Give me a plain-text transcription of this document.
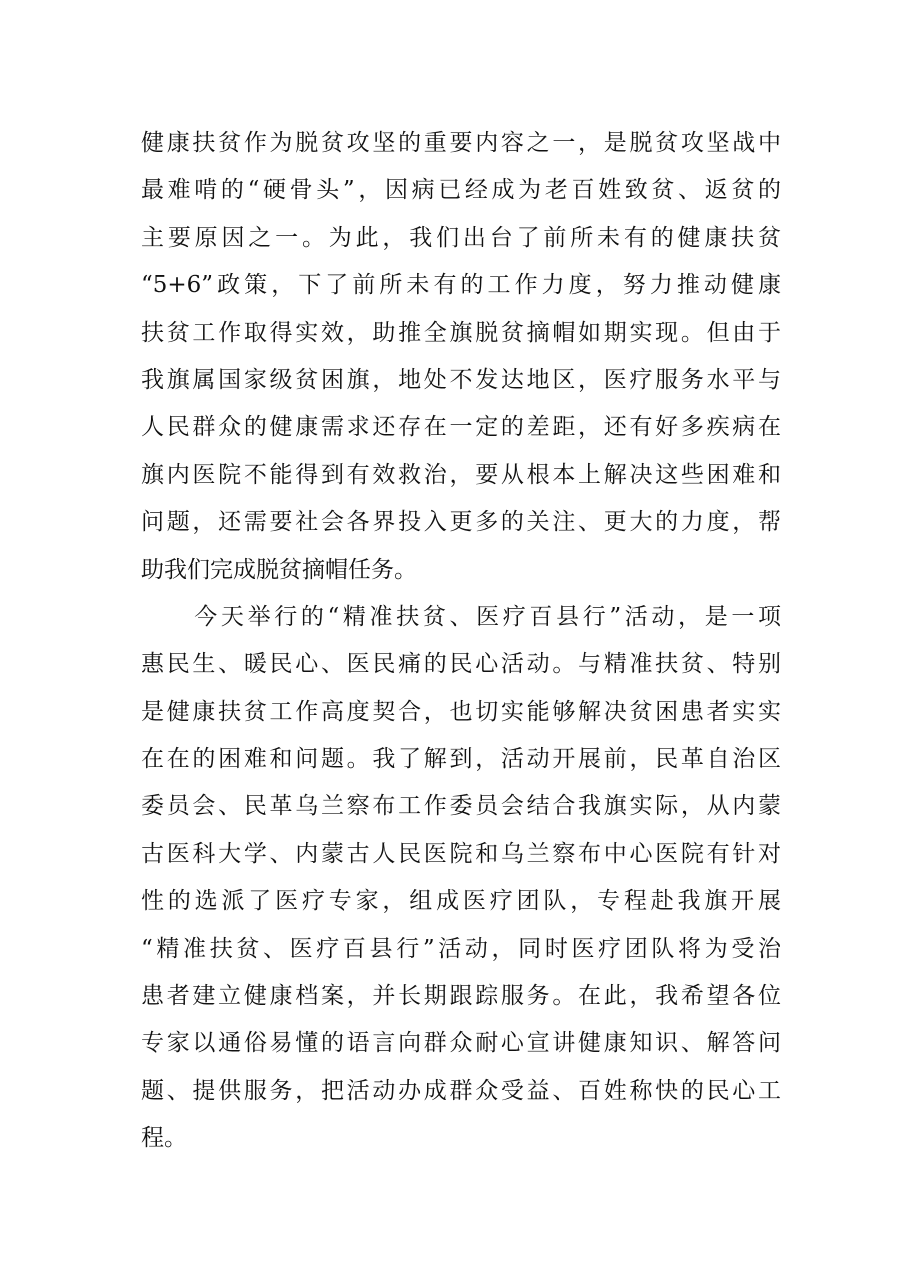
健康扶贫作为脱贫攻坚的重要内容之一，是脱贫攻坚战中
最难啃的“硬骨头”，因病已经成为老百姓致贫、返贫的
主要原因之一。为此，我们出台了前所未有的健康扶贫
“5+6”政策，下了前所未有的工作力度，努力推动健康
扶贫工作取得实效，助推全旗脱贫摘帽如期实现。但由于
我旗属国家级贫困旗，地处不发达地区，医疗服务水平与
人民群众的健康需求还存在一定的差距，还有好多疾病在
旗内医院不能得到有效救治，要从根本上解决这些困难和
问题，还需要社会各界投入更多的关注、更大的力度，帮
助我们完成脱贫摘帽任务。
　　今天举行的“精准扶贫、医疗百县行”活动，是一项
惠民生、暖民心、医民痛的民心活动。与精准扶贫、特别
是健康扶贫工作高度契合，也切实能够解决贫困患者实实
在在的困难和问题。我了解到，活动开展前，民革自治区
委员会、民革乌兰察布工作委员会结合我旗实际，从内蒙
古医科大学、内蒙古人民医院和乌兰察布中心医院有针对
性的选派了医疗专家，组成医疗团队，专程赴我旗开展
“精准扶贫、医疗百县行”活动，同时医疗团队将为受治
患者建立健康档案，并长期跟踪服务。在此，我希望各位
专家以通俗易懂的语言向群众耐心宣讲健康知识、解答问
题、提供服务，把活动办成群众受益、百姓称快的民心工
程。
